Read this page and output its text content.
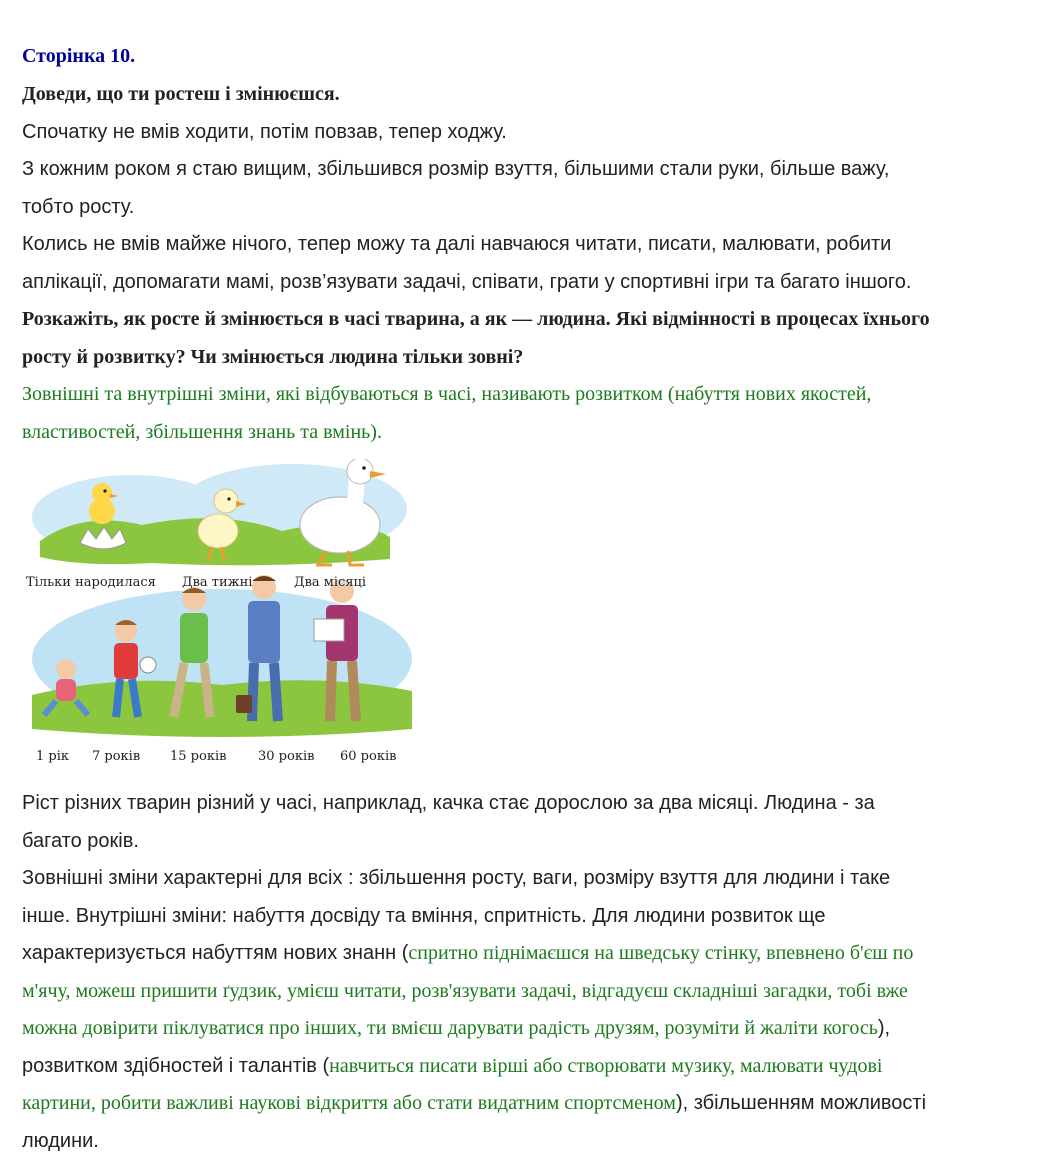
Сторінка 10.

Доведи, що ти ростеш і змінюєшся.

Спочатку не вмів ходити, потім повзав, тепер ходжу.

З кожним роком я стаю вищим, збільшився розмір взуття, більшими стали руки, більше важу,

тобто росту.

Колись не вмів майже нічого, тепер можу та далі навчаюся читати, писати, малювати, робити

аплікації, допомагати мамі, розв’язувати задачі, співати, грати у спортивні ігри та багато іншого.

Розкажіть, як росте й змінюється в часі тварина, а як — людина. Які відмінності в процесах їхнього

росту й розвитку? Чи змінюється людина тільки зовні?

Зовнішні та внутрішні зміни, які відбуваються в часі, називають розвитком (набуття нових якостей,

властивостей, збільшення знань та вмінь).

Тільки народилася Два тижні	Два місяці
1 рік 7 років 15 років 30 років 60 років

Ріст різних тварин різний у часі, наприклад, качка стає дорослою за два місяці. Людина - за

багато років.

Зовнішні зміни характерні для всіх : збільшення росту, ваги, розміру взуття для людини і таке

інше. Внутрішні зміни: набуття досвіду та вміння, спритність. Для людини розвиток ще

характеризується набуттям нових знанн (спритно піднімаєшся на шведську стінку, впевнено б'єш по

м'ячу, можеш пришити ґудзик, умієш читати, розв'язувати задачі, відгадуєш складніші загадки, тобі вже

можна довірити піклуватися про інших, ти вмієш дарувати радість друзям, розуміти й жаліти когось),

розвитком здібностей і талантів (навчиться писати вірші або створювати музику, малювати чудові

картини, робити важливі наукові відкриття або стати видатним спортсменом), збільшенням можливості

людини.
